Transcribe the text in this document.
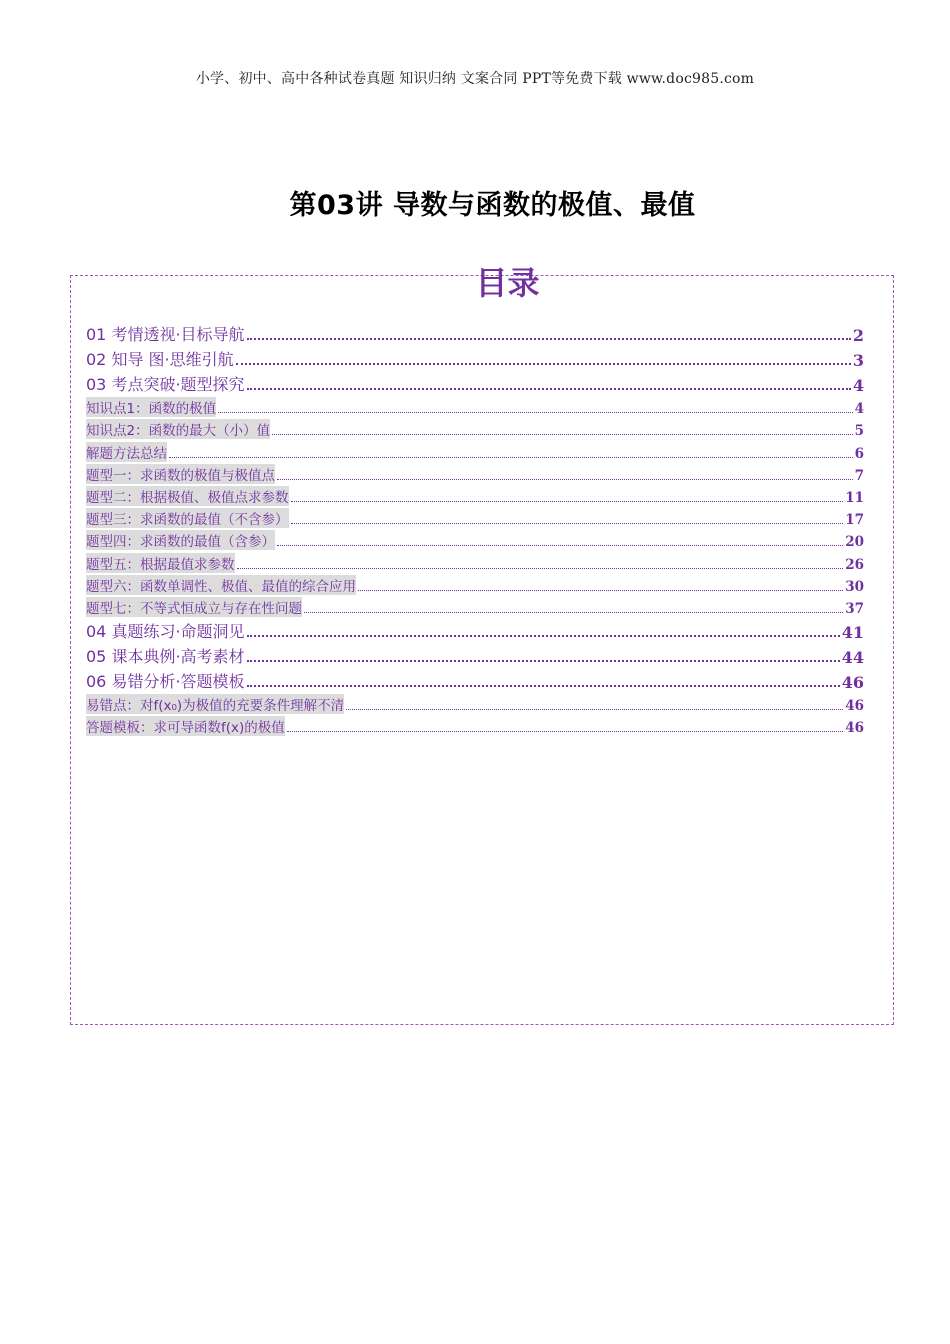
小学、初中、高中各种试卷真题 知识归纳 文案合同 PPT等免费下载 www.doc985.com
第03讲 导数与函数的极值、最值
目录
01 考情透视·目标导航	2
02 知导 图·思维引航	3
03 考点突破·题型探究	4
知识点1：函数的极值	4
知识点2：函数的最大（小）值	5
解题方法总结	6
题型一：求函数的极值与极值点	7
题型二：根据极值、极值点求参数	11
题型三：求函数的最值（不含参）	17
题型四：求函数的最值（含参）	20
题型五：根据最值求参数	26
题型六：函数单调性、极值、最值的综合应用	30
题型七：不等式恒成立与存在性问题	37
04 真题练习·命题洞见	41
05 课本典例·高考素材	44
06 易错分析·答题模板	46
易错点：对f(x₀)为极值的充要条件理解不清	46
答题模板：求可导函数f(x)的极值	46
